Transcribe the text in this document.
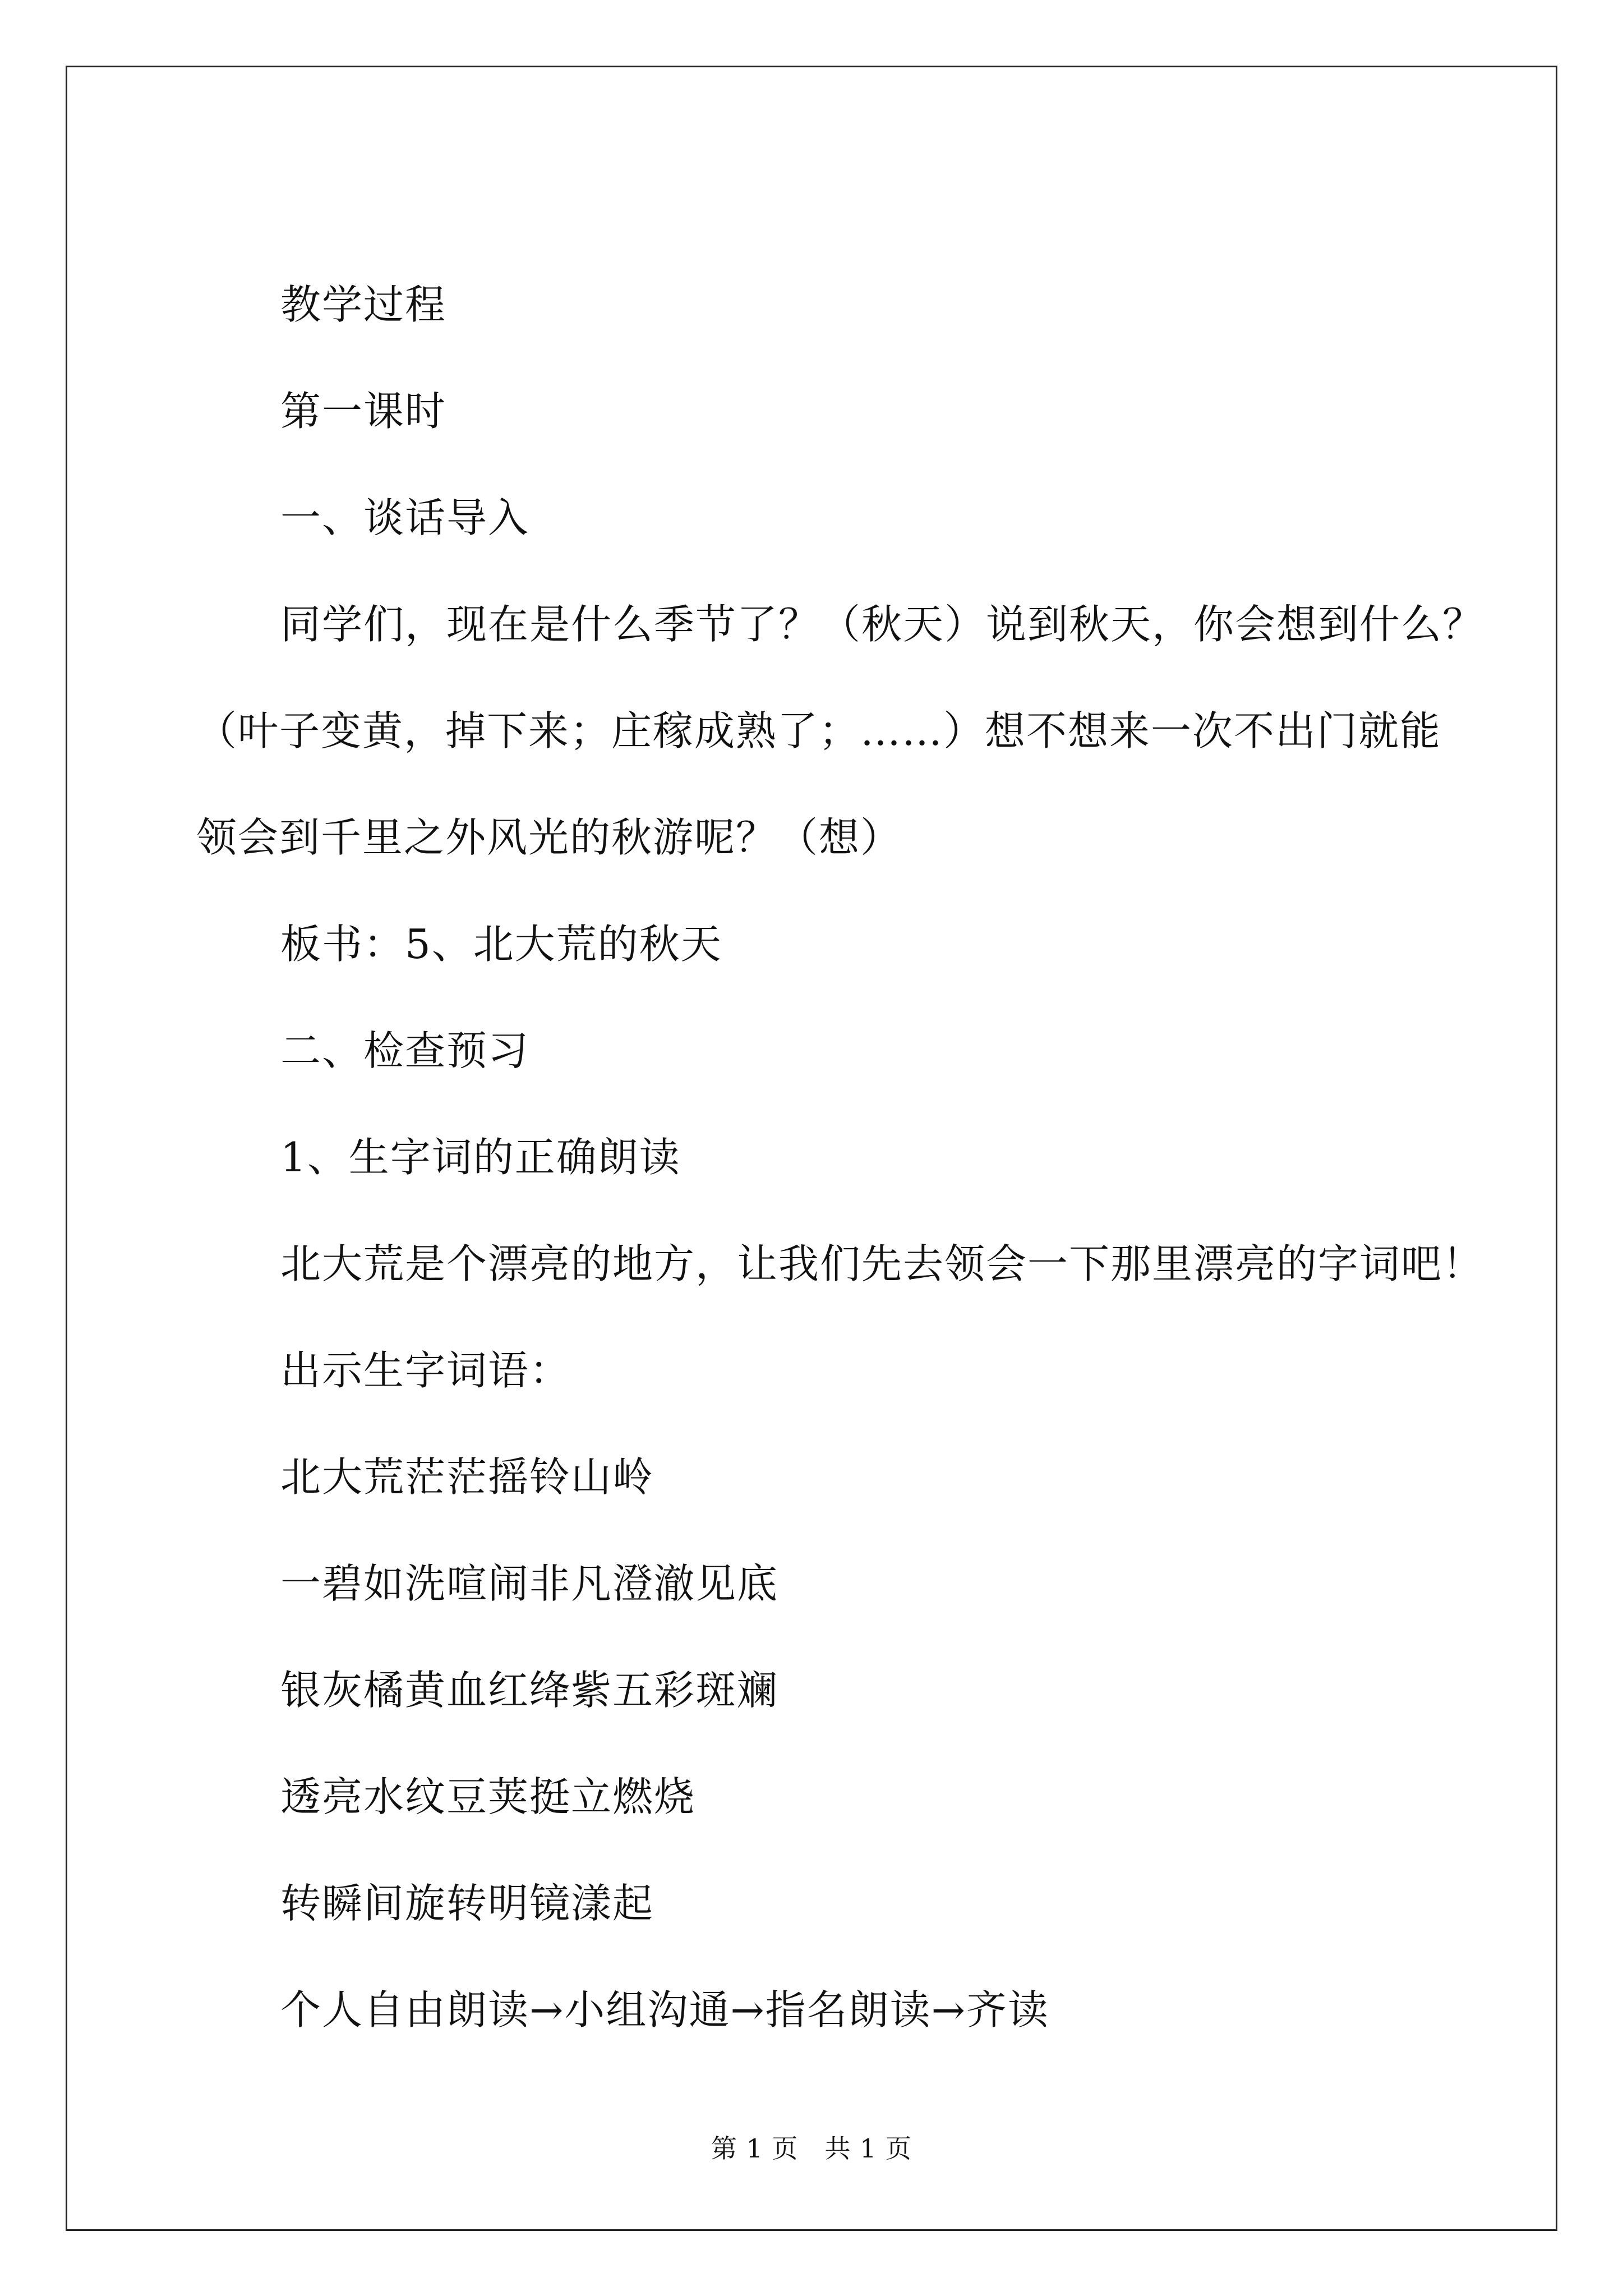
教学过程
第一课时
一、谈话导入
同学们，现在是什么季节了？（秋天）说到秋天，你会想到什么？
（叶子变黄，掉下来；庄稼成熟了；……）想不想来一次不出门就能
领会到千里之外风光的秋游呢？（想）
板书：5、北大荒的秋天
二、检查预习
1、生字词的正确朗读
北大荒是个漂亮的地方，让我们先去领会一下那里漂亮的字词吧！
出示生字词语：
北大荒茫茫摇铃山岭
一碧如洗喧闹非凡澄澈见底
银灰橘黄血红绛紫五彩斑斓
透亮水纹豆荚挺立燃烧
转瞬间旋转明镜漾起
个人自由朗读→小组沟通→指名朗读→齐读
第 1 页　共 1 页
